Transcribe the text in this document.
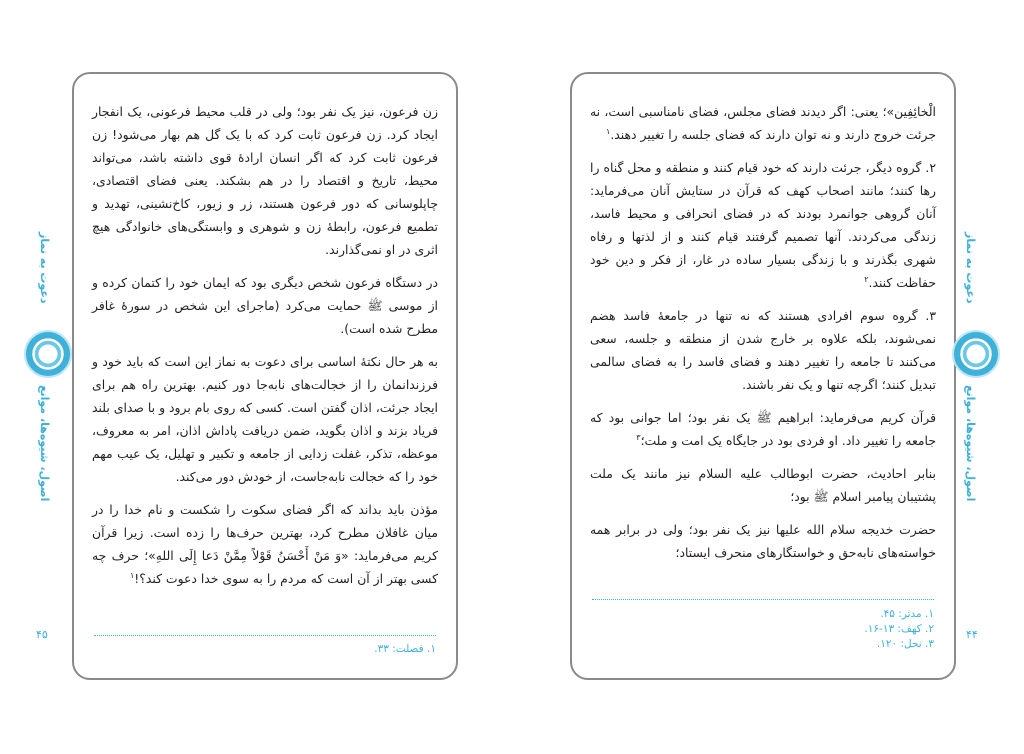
زن فرعون، نیز یک نفر بود؛ ولی در قلب محیط فرعونی، یک انفجار ایجاد کرد. زن فرعون ثابت کرد که با یک گل هم بهار می‌شود! زن فرعون ثابت کرد که اگر انسان ارادهٔ قوی داشته باشد، می‌تواند محیط، تاریخ و اقتصاد را در هم بشکند. یعنی فضای اقتصادی، چاپلوسانی که دور فرعون هستند، زر و زیور، کاخ‌نشینی، تهدید و تطمیع فرعون، رابطهٔ زن و شوهری و وابستگی‌های خانوادگی هیچ اثری در او نمی‌گذارند.

در دستگاه فرعون شخص دیگری بود که ایمان خود را کتمان کرده و از موسی ﷺ حمایت می‌کرد (ماجرای این شخص در سورهٔ غافر مطرح شده است).

به هر حال نکتهٔ اساسی برای دعوت به نماز این است که باید خود و فرزندانمان را از خجالت‌های نابه‌جا دور کنیم. بهترین راه هم برای ایجاد جرئت، اذان گفتن است. کسی که روی بام برود و با صدای بلند فریاد بزند و اذان بگوید، ضمن دریافت پاداش اذان، امر به معروف، موعظه، تذکر، غفلت زدایی از جامعه و تکبیر و تهلیل، یک عیب مهم خود را که خجالت نابه‌جاست، از خودش دور می‌کند.

مؤذن باید بداند که اگر فضای سکوت را شکست و نام خدا را در میان غافلان مطرح کرد، بهترین حرف‌ها را زده است. زیرا قرآن کریم می‌فرماید: «وَ مَنْ أَحْسَنُ قَوْلاً مِمَّنْ دَعا إِلَى اللهِ»؛ حرف چه کسی بهتر از آن است که مردم را به سوی خدا دعوت کند؟!$^۱$

۱. فصلت: ۳۳.

الْخائِفِين»؛ یعنی: اگر دیدند فضای مجلس، فضای نامناسبی است، نه جرئت خروج دارند و نه توان دارند که فضای جلسه را تغییر دهند.$^۱$

۲. گروه دیگر، جرئت دارند که خود قیام کنند و منطقه و محل گناه را رها کنند؛ مانند اصحاب کهف که قرآن در ستایش آنان می‌فرماید: آنان گروهی جوانمرد بودند که در فضای انحرافی و محیط فاسد، زندگی می‌کردند. آنها تصمیم گرفتند قیام کنند و از لذتها و رفاه شهری بگذرند و با زندگی بسیار ساده در غار، از فکر و دین خود حفاظت کنند.$^۲$

۳. گروه سوم افرادی هستند که نه تنها در جامعهٔ فاسد هضم نمی‌شوند، بلکه علاوه بر خارج شدن از منطقه و جلسه، سعی می‌کنند تا جامعه را تغییر دهند و فضای فاسد را به فضای سالمی تبدیل کنند؛ اگرچه تنها و یک نفر باشند.

قرآن کریم می‌فرماید: ابراهیم ﷺ یک نفر بود؛ اما جوانی بود که جامعه را تغییر داد. او فردی بود در جایگاه یک امت و ملت؛$^۳$

بنابر احادیث، حضرت ابوطالب علیه السلام نیز مانند یک ملت پشتیبان پیامبر اسلام ﷺ بود؛

حضرت خدیجه سلام الله علیها نیز یک نفر بود؛ ولی در برابر همه خواسته‌های نابه‌حق و خواستگارهای منحرف ایستاد؛

۱. مدثر: ۴۵.
۲. کهف: ۱۳-۱۶.
۳. نحل: ۱۲۰.
دعوت به نماز
اصول، شیوه‌ها، موانع
دعوت به نماز
اصول، شیوه‌ها، موانع
۴۵	۴۴
